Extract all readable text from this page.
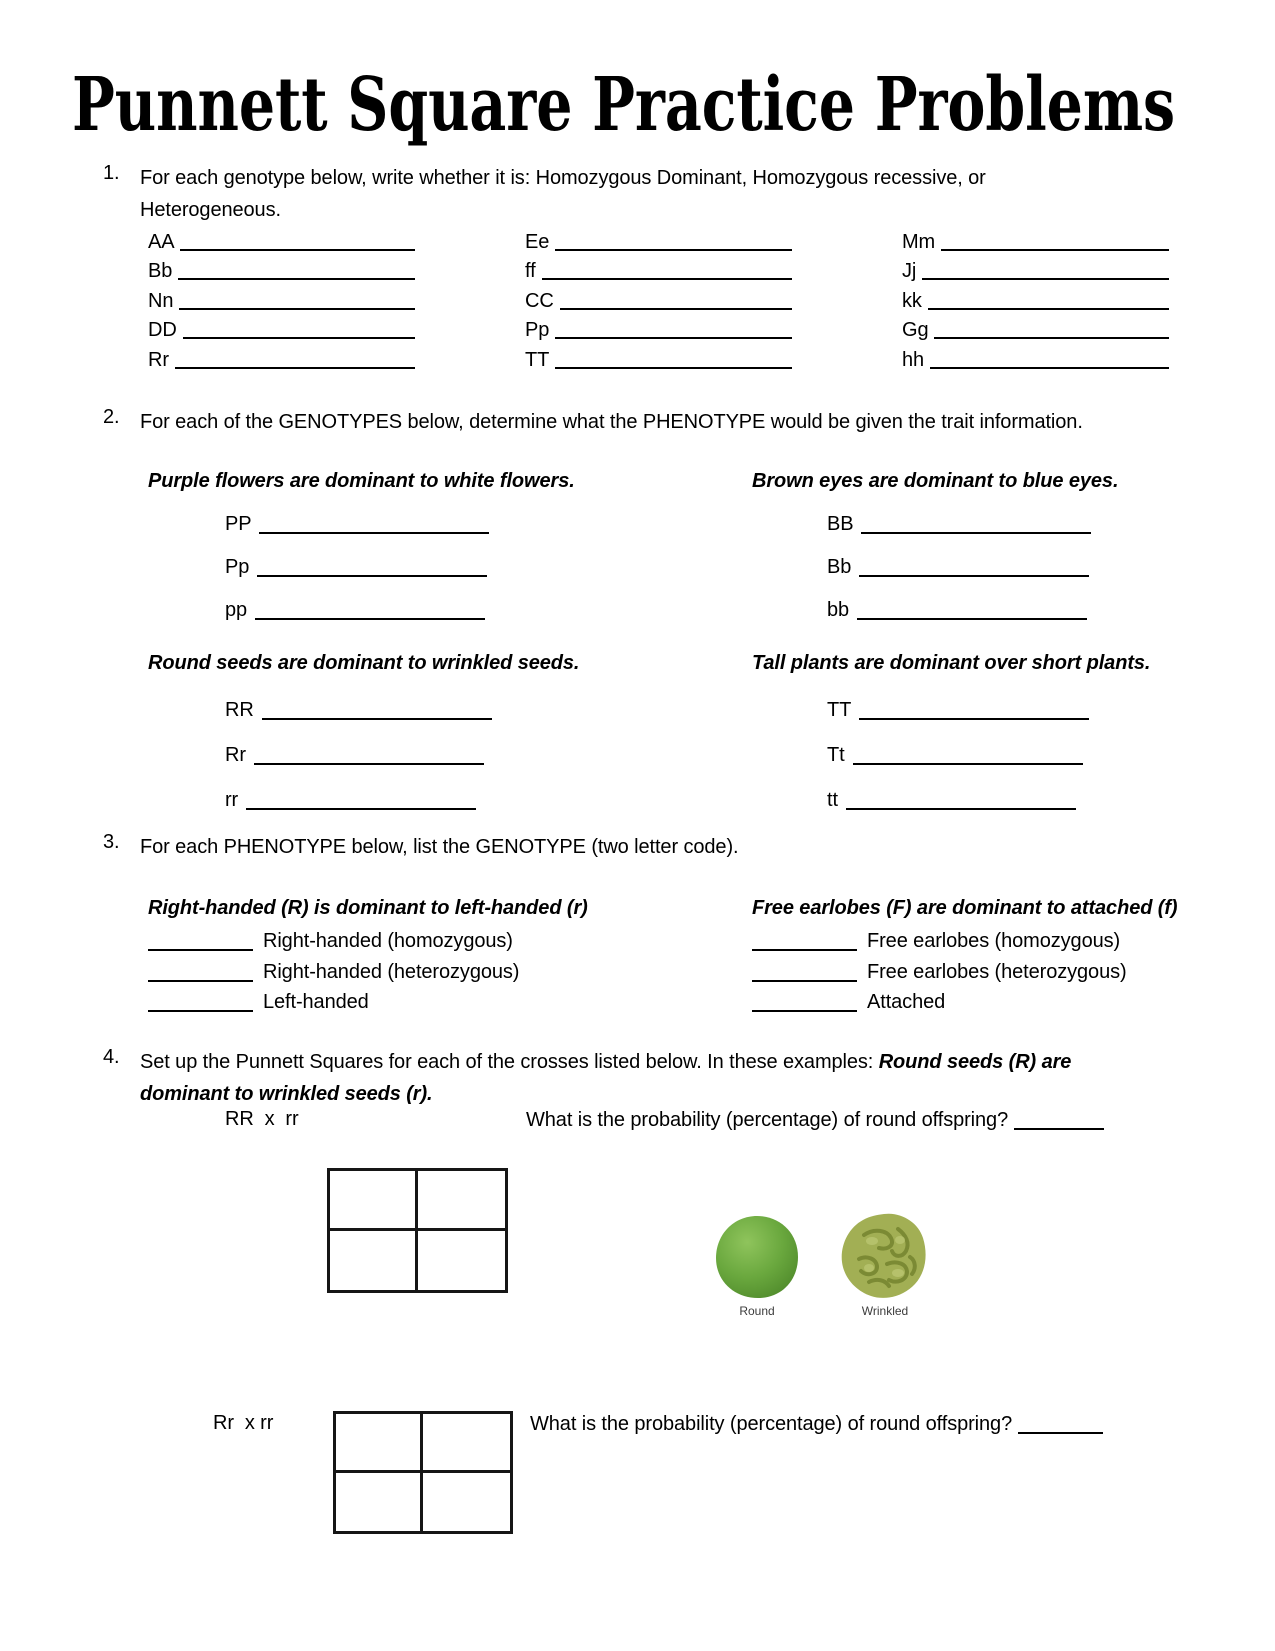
Punnett Square Practice Problems
1.	For each genotype below, write whether it is: Homozygous Dominant, Homozygous recessive, or
Heterogeneous.
AA	Ee	Mm
Bb	ff	Jj
Nn	CC	kk
DD	Pp	Gg
Rr	TT	hh
2.	For each of the GENOTYPES below, determine what the PHENOTYPE would be given the trait information.
Purple flowers are dominant to white flowers.
PP
Pp
pp
Brown eyes are dominant to blue eyes.
BB
Bb
bb
Round seeds are dominant to wrinkled seeds.
RR
Rr
rr
Tall plants are dominant over short plants.
TT
Tt
tt
3.	For each PHENOTYPE below, list the GENOTYPE (two letter code).
Right-handed (R) is dominant to left-handed (r)
Right-handed (homozygous)
Right-handed (heterozygous)
Left-handed
Free earlobes (F) are dominant to attached (f)
Free earlobes (homozygous)
Free earlobes (heterozygous)
Attached
4.	Set up the Punnett Squares for each of the crosses listed below. In these examples: Round seeds (R) are
dominant to wrinkled seeds (r).
RR  x  rr	What is the probability (percentage) of round offspring?
Round	Wrinkled
Rr  x rr	What is the probability (percentage) of round offspring?
